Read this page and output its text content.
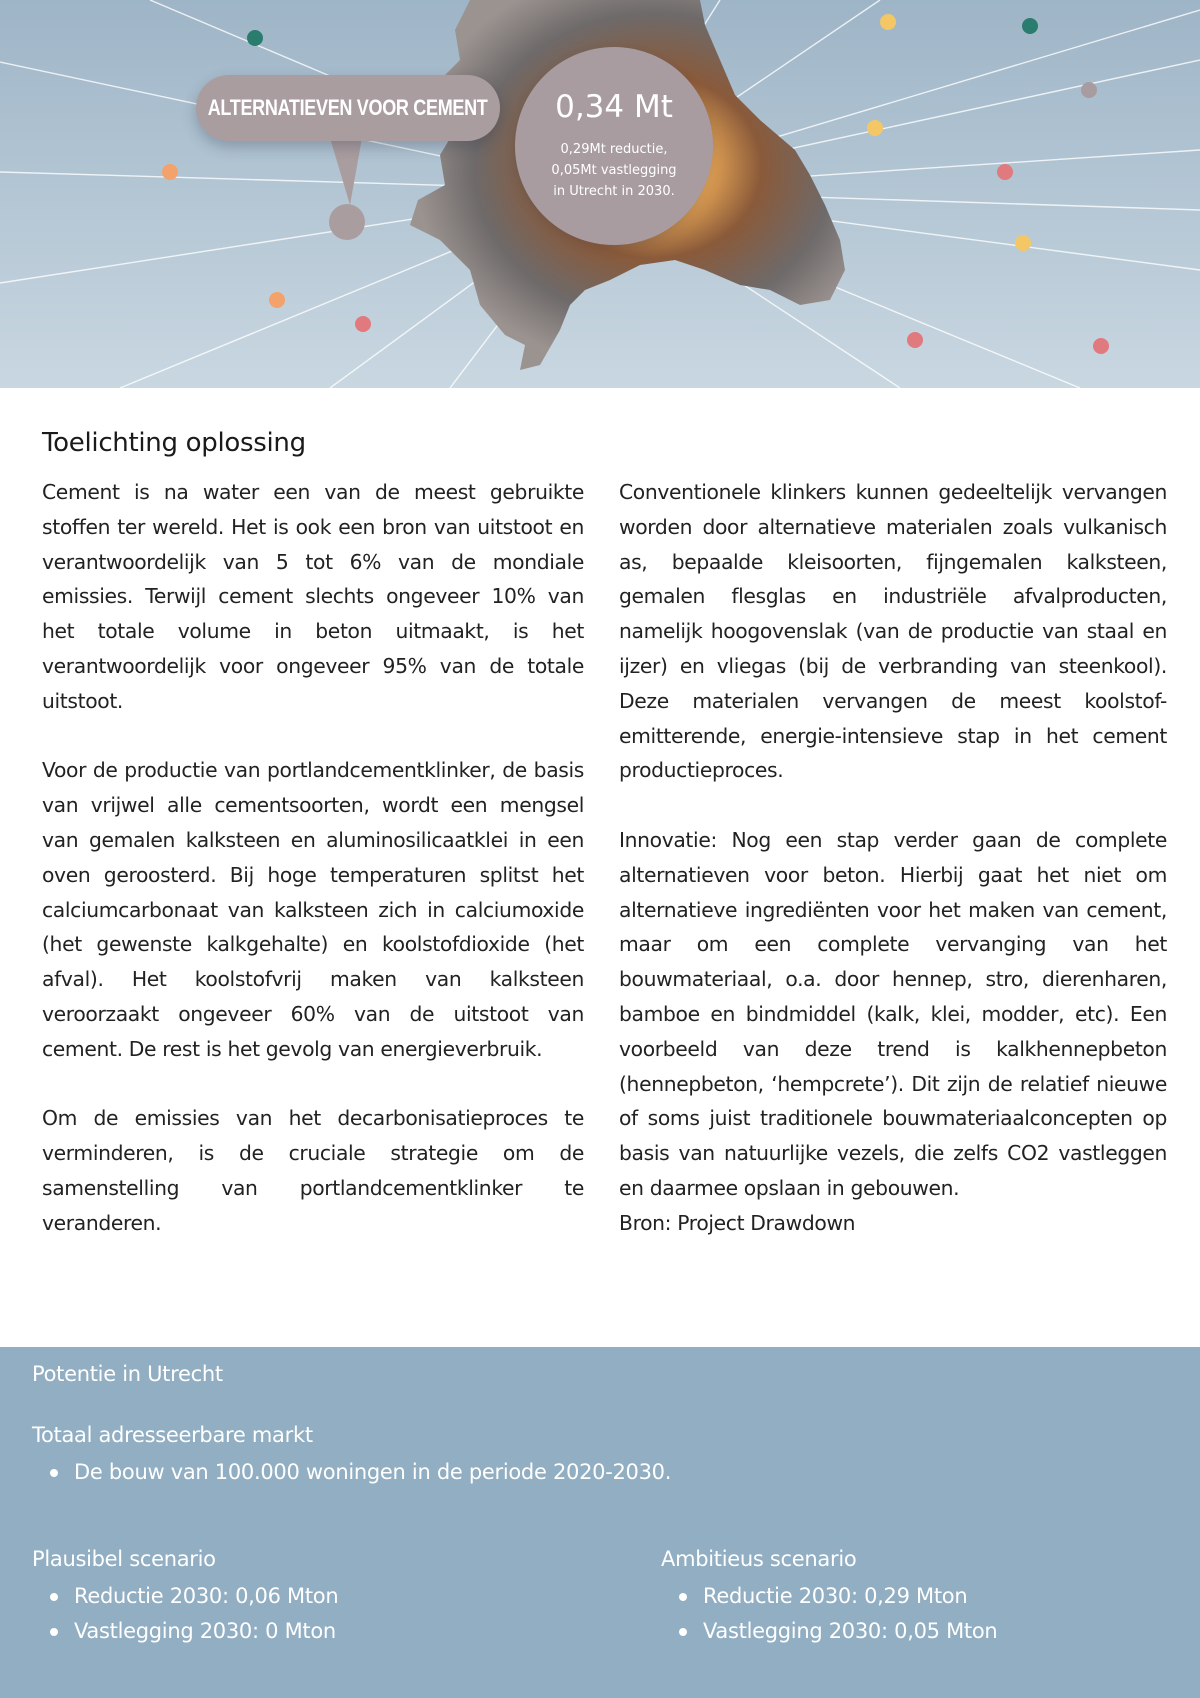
ALTERNATIEVEN VOOR CEMENT	0,34 Mt
0,29Mt reductie,
0,05Mt vastlegging
in Utrecht in 2030.
Toelichting oplossing

Cement is na water een van de meest gebruikte stoffen ter wereld. Het is ook een bron van uitstoot en verantwoordelijk van 5 tot 6% van de mondiale emissies. Terwijl cement slechts ongeveer 10% van het totale volume in beton uitmaakt, is het verantwoordelijk voor ongeveer 95% van de totale uitstoot.

Voor de productie van portlandcementklinker, de basis van vrijwel alle cementsoorten, wordt een mengsel van gemalen kalksteen en aluminosilicaatklei in een oven geroosterd. Bij hoge temperaturen splitst het calciumcarbonaat van kalksteen zich in calciumoxide (het gewenste kalkgehalte) en koolstofdioxide (het afval). Het koolstofvrij maken van kalksteen veroorzaakt ongeveer 60% van de uitstoot van cement. De rest is het gevolg van energieverbruik.

Om de emissies van het decarbonisatieproces te verminderen, is de cruciale strategie om de samenstelling van portlandcementklinker te veranderen.

Conventionele klinkers kunnen gedeeltelijk vervangen worden door alternatieve materialen zoals vulkanisch as, bepaalde kleisoorten, fijngemalen kalksteen, gemalen flesglas en industriële afvalproducten, namelijk hoogovenslak (van de productie van staal en ijzer) en vliegas (bij de verbranding van steenkool). Deze materialen vervangen de meest koolstof-emitterende, energie-intensieve stap in het cement productieproces.

Innovatie: Nog een stap verder gaan de complete alternatieven voor beton. Hierbij gaat het niet om alternatieve ingrediënten voor het maken van cement, maar om een complete vervanging van het bouwmateriaal, o.a. door hennep, stro, dierenharen, bamboe en bindmiddel (kalk, klei, modder, etc). Een voorbeeld van deze trend is kalkhennepbeton (hennepbeton, ‘hempcrete’). Dit zijn de relatief nieuwe of soms juist traditionele bouwmateriaalconcepten op basis van natuurlijke vezels, die zelfs CO2 vastleggen en daarmee opslaan in gebouwen.

Bron: Project Drawdown

Potentie in Utrecht
Totaal adresseerbare markt
De bouw van 100.000 woningen in de periode 2020-2030.
Plausibel scenario
Reductie 2030: 0,06 Mton
Vastlegging 2030: 0 Mton
Ambitieus scenario
Reductie 2030: 0,29 Mton
Vastlegging 2030: 0,05 Mton
